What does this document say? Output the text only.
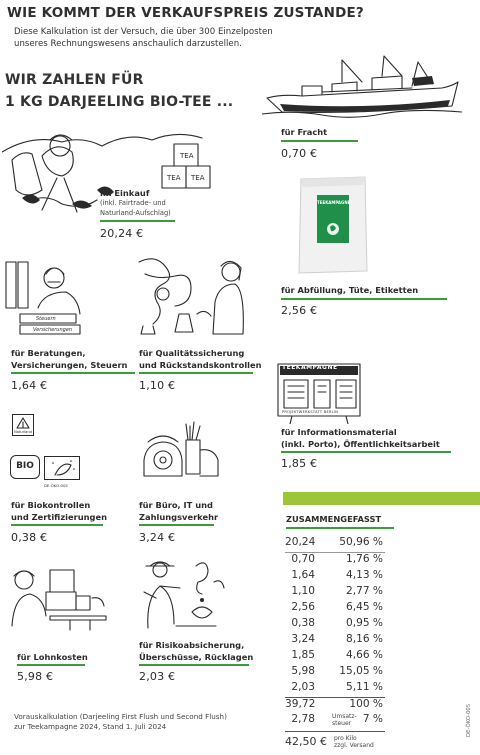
WIE KOMMT DER VERKAUFSPREIS ZUSTANDE?
Diese Kalkulation ist der Versuch, die über 300 Einzelposten
unseres Rechnungswesens anschaulich darzustellen.
WIR ZAHLEN FÜR
1 KG DARJEELING BIO-TEE ...
TEA
TEA TEA
TEEKAMPAGNE
Steuern
Versicherungen
TEEKAMPAGNE
PROJEKTWERKSTATT BERLIN
Naturland
BIO
DE-ÖKO-005
für Fracht
0,70 €
im Einkauf
(inkl. Fairtrade- und
Naturland-Aufschlag)
20,24 €
für Abfüllung, Tüte, Etiketten
2,56 €
für Beratungen,
Versicherungen, Steuern
1,64 €
für Qualitätssicherung
und Rückstandskontrollen
1,10 €
für Informationsmaterial
(inkl. Porto), Öffentlichkeitsarbeit
1,85 €
für Biokontrollen
und Zertifizierungen
0,38 €
für Büro, IT und
Zahlungsverkehr
3,24 €
für Lohnkosten
5,98 €
für Risikoabsicherung,
Überschüsse, Rücklagen
2,03 €
ZUSAMMENGEFASST
20,24 50,96 %
0,70	1,76 %
1,64	4,13 %
1,10	2,77 %
2,56	6,45 %
0,38	0,95 %
3,24	8,16 %
1,85	4,66 %
5,98 15,05 %
2,03	5,11 %
39,72	100 %
2,78	7 %
Umsatz-
steuer
42,50 € pro Kilo
zzgl. Versand
Vorauskalkulation (Darjeeling First Flush und Second Flush)
zur Teekampagne 2024, Stand 1. Juli 2024	DE-ÖKO-005
